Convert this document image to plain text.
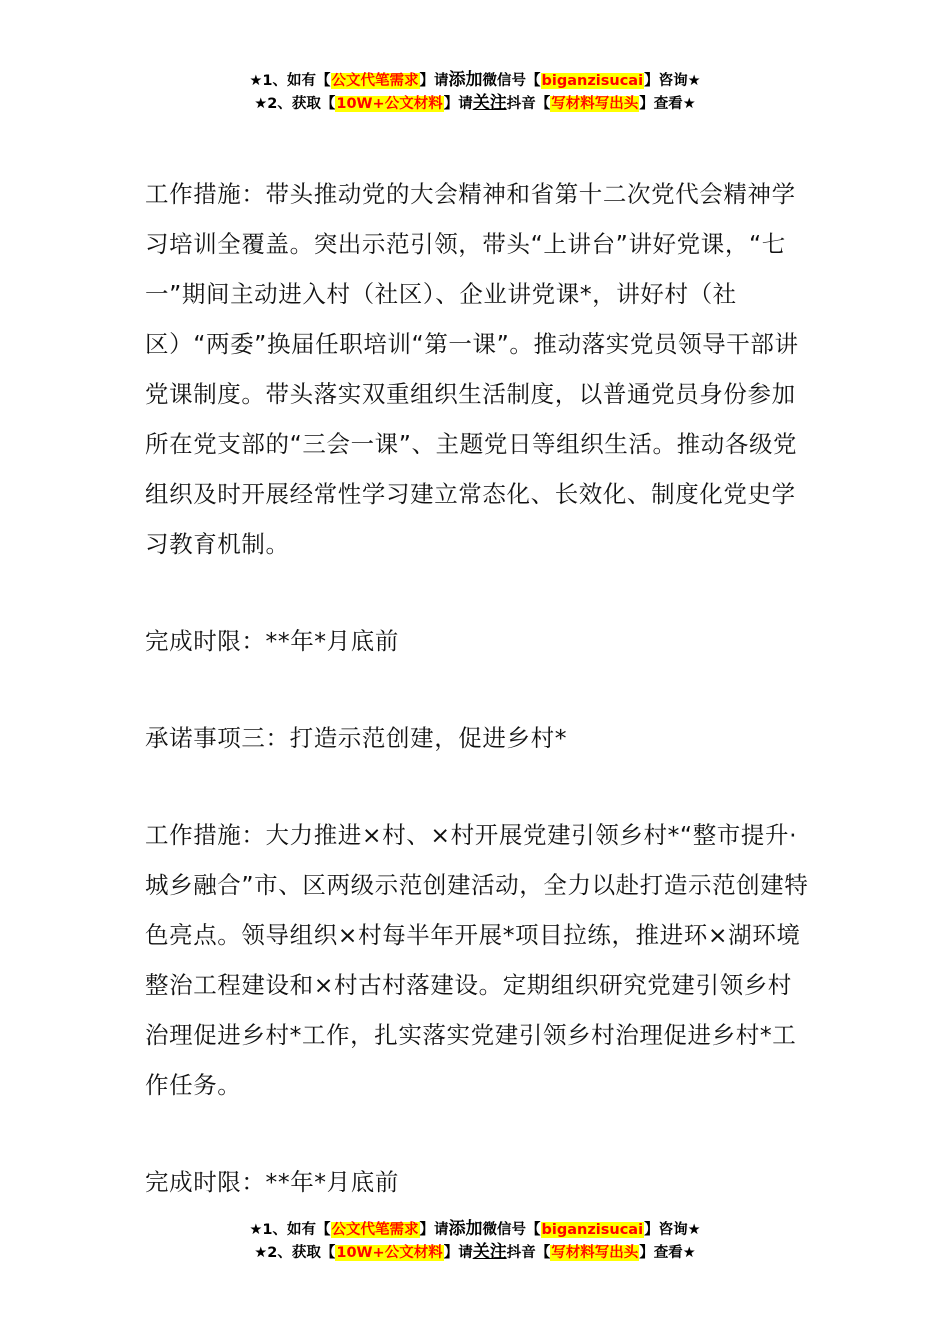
★1、如有【公文代笔需求】请添加微信号【biganzisucai】咨询★
★2、获取【10W+公文材料】请关注抖音【写材料写出头】查看★

工作措施：带头推动党的大会精神和省第十二次党代会精神学习培训全覆盖。突出示范引领，带头“上讲台”讲好党课，“七一”期间主动进入村（社区）、企业讲党课*，讲好村（社区）“两委”换届任职培训“第一课”。推动落实党员领导干部讲党课制度。带头落实双重组织生活制度，以普通党员身份参加所在党支部的“三会一课”、主题党日等组织生活。推动各级党组织及时开展经常性学习建立常态化、长效化、制度化党史学习教育机制。

完成时限：**年*月底前

承诺事项三：打造示范创建，促进乡村*

工作措施：大力推进×村、×村开展党建引领乡村*“整市提升·城乡融合”市、区两级示范创建活动，全力以赴打造示范创建特色亮点。领导组织×村每半年开展*项目拉练，推进环×湖环境整治工程建设和×村古村落建设。定期组织研究党建引领乡村治理促进乡村*工作，扎实落实党建引领乡村治理促进乡村*工作任务。

完成时限：**年*月底前

★1、如有【公文代笔需求】请添加微信号【biganzisucai】咨询★
★2、获取【10W+公文材料】请关注抖音【写材料写出头】查看★
